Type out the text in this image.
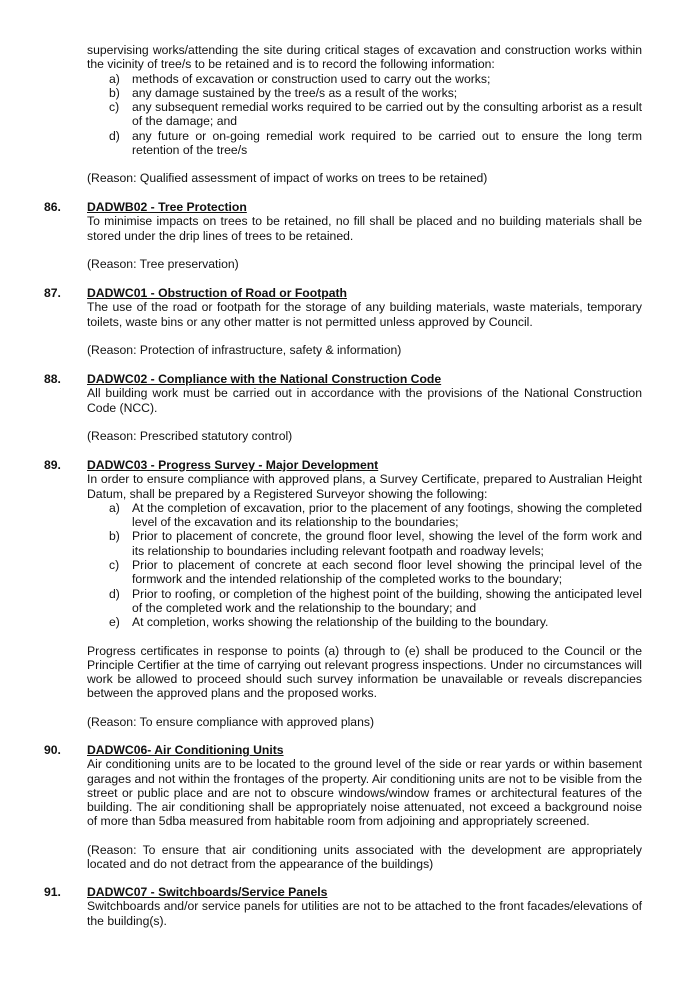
supervising works/attending the site during critical stages of excavation and construction works within the vicinity of tree/s to be retained and is to record the following information:

a) methods of excavation or construction used to carry out the works;
b) any damage sustained by the tree/s as a result of the works;
c) any subsequent remedial works required to be carried out by the consulting arborist as a result of the damage; and
d) any future or on-going remedial work required to be carried out to ensure the long term retention of the tree/s

(Reason: Qualified assessment of impact of works on trees to be retained)

86. DADWB02 - Tree Protection

To minimise impacts on trees to be retained, no fill shall be placed and no building materials shall be stored under the drip lines of trees to be retained.

(Reason: Tree preservation)

87. DADWC01 - Obstruction of Road or Footpath

The use of the road or footpath for the storage of any building materials, waste materials, temporary toilets, waste bins or any other matter is not permitted unless approved by Council.

(Reason: Protection of infrastructure, safety & information)

88. DADWC02 - Compliance with the National Construction Code

All building work must be carried out in accordance with the provisions of the National Construction Code (NCC).

(Reason: Prescribed statutory control)

89. DADWC03 - Progress Survey - Major Development

In order to ensure compliance with approved plans, a Survey Certificate, prepared to Australian Height Datum, shall be prepared by a Registered Surveyor showing the following:

a) At the completion of excavation, prior to the placement of any footings, showing the completed level of the excavation and its relationship to the boundaries;
b) Prior to placement of concrete, the ground floor level, showing the level of the form work and its relationship to boundaries including relevant footpath and roadway levels;
c) Prior to placement of concrete at each second floor level showing the principal level of the formwork and the intended relationship of the completed works to the boundary;
d) Prior to roofing, or completion of the highest point of the building, showing the anticipated level of the completed work and the relationship to the boundary; and
e) At completion, works showing the relationship of the building to the boundary.

Progress certificates in response to points (a) through to (e) shall be produced to the Council or the Principle Certifier at the time of carrying out relevant progress inspections. Under no circumstances will work be allowed to proceed should such survey information be unavailable or reveals discrepancies between the approved plans and the proposed works.

(Reason: To ensure compliance with approved plans)

90. DADWC06- Air Conditioning Units

Air conditioning units are to be located to the ground level of the side or rear yards or within basement garages and not within the frontages of the property. Air conditioning units are not to be visible from the street or public place and are not to obscure windows/window frames or architectural features of the building. The air conditioning shall be appropriately noise attenuated, not exceed a background noise of more than 5dba measured from habitable room from adjoining and appropriately screened.

(Reason: To ensure that air conditioning units associated with the development are appropriately located and do not detract from the appearance of the buildings)

91. DADWC07 - Switchboards/Service Panels

Switchboards and/or service panels for utilities are not to be attached to the front facades/elevations of the building(s).
